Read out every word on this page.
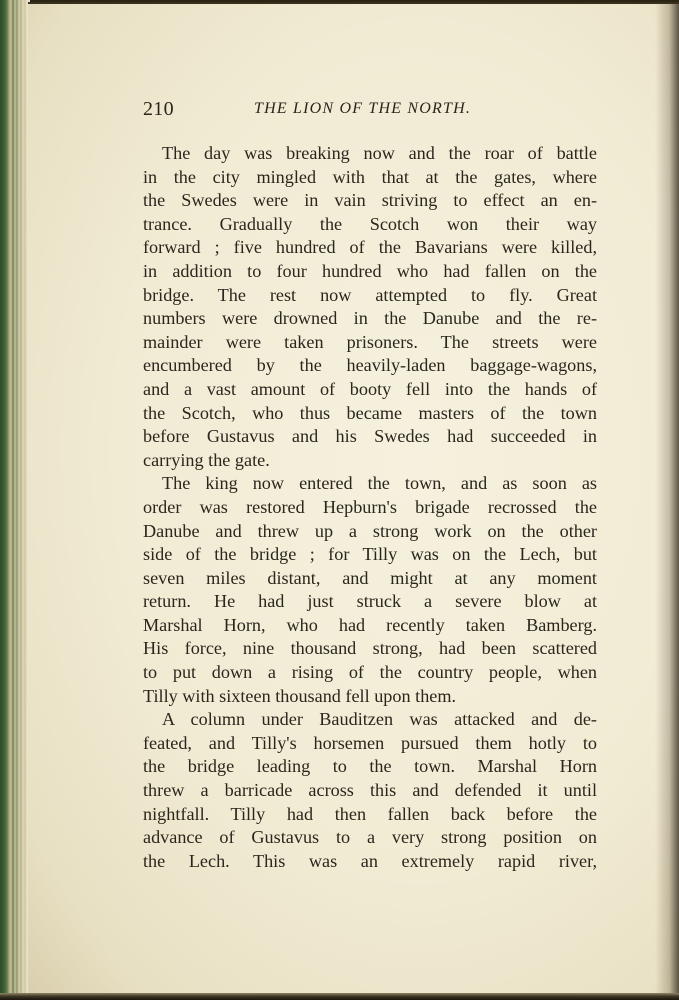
210	THE LION OF THE NORTH.

The day was breaking now and the roar of battle
in the city mingled with that at the gates, where
the Swedes were in vain striving to effect an en-
trance. Gradually the Scotch won their way
forward ; five hundred of the Bavarians were killed,
in addition to four hundred who had fallen on the
bridge. The rest now attempted to fly. Great
numbers were drowned in the Danube and the re-
mainder were taken prisoners. The streets were
encumbered by the heavily-laden baggage-wagons,
and a vast amount of booty fell into the hands of
the Scotch, who thus became masters of the town
before Gustavus and his Swedes had succeeded in
carrying the gate.

The king now entered the town, and as soon as
order was restored Hepburn's brigade recrossed the
Danube and threw up a strong work on the other
side of the bridge ; for Tilly was on the Lech, but
seven miles distant, and might at any moment
return. He had just struck a severe blow at
Marshal Horn, who had recently taken Bamberg.
His force, nine thousand strong, had been scattered
to put down a rising of the country people, when
Tilly with sixteen thousand fell upon them.

A column under Bauditzen was attacked and de-
feated, and Tilly's horsemen pursued them hotly to
the bridge leading to the town. Marshal Horn
threw a barricade across this and defended it until
nightfall. Tilly had then fallen back before the
advance of Gustavus to a very strong position on
the Lech. This was an extremely rapid river,
